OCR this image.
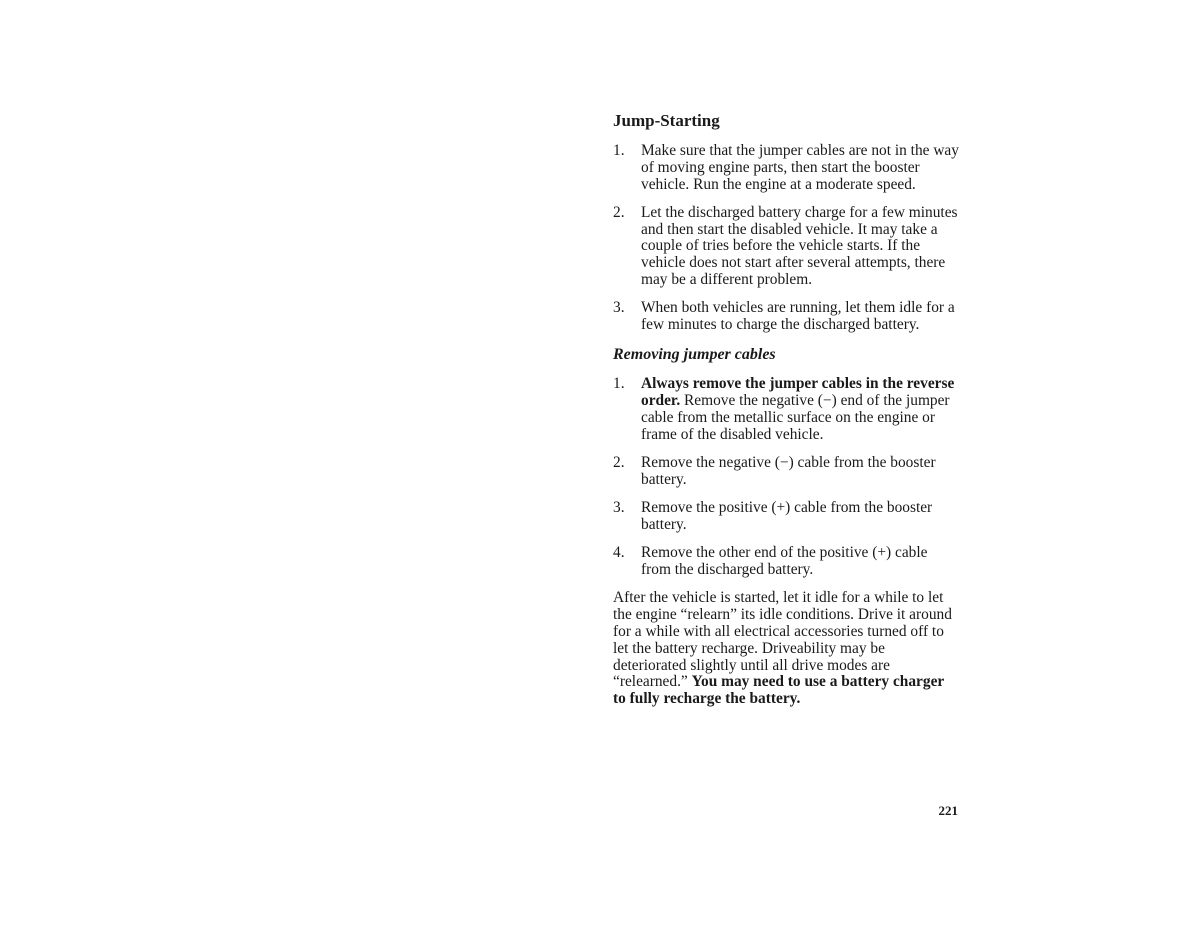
Jump-Starting
1. Make sure that the jumper cables are not in the way of moving engine parts, then start the booster vehicle. Run the engine at a moderate speed.
2. Let the discharged battery charge for a few minutes and then start the disabled vehicle. It may take a couple of tries before the vehicle starts. If the vehicle does not start after several attempts, there may be a different problem.
3. When both vehicles are running, let them idle for a few minutes to charge the discharged battery.
Removing jumper cables
1. Always remove the jumper cables in the reverse order. Remove the negative (−) end of the jumper cable from the metallic surface on the engine or frame of the disabled vehicle.
2. Remove the negative (−) cable from the booster battery.
3. Remove the positive (+) cable from the booster battery.
4. Remove the other end of the positive (+) cable from the discharged battery.

After the vehicle is started, let it idle for a while to let the engine “relearn” its idle conditions. Drive it around for a while with all electrical accessories turned off to let the battery recharge. Driveability may be deteriorated slightly until all drive modes are “relearned.” You may need to use a battery charger to fully recharge the battery.

221
